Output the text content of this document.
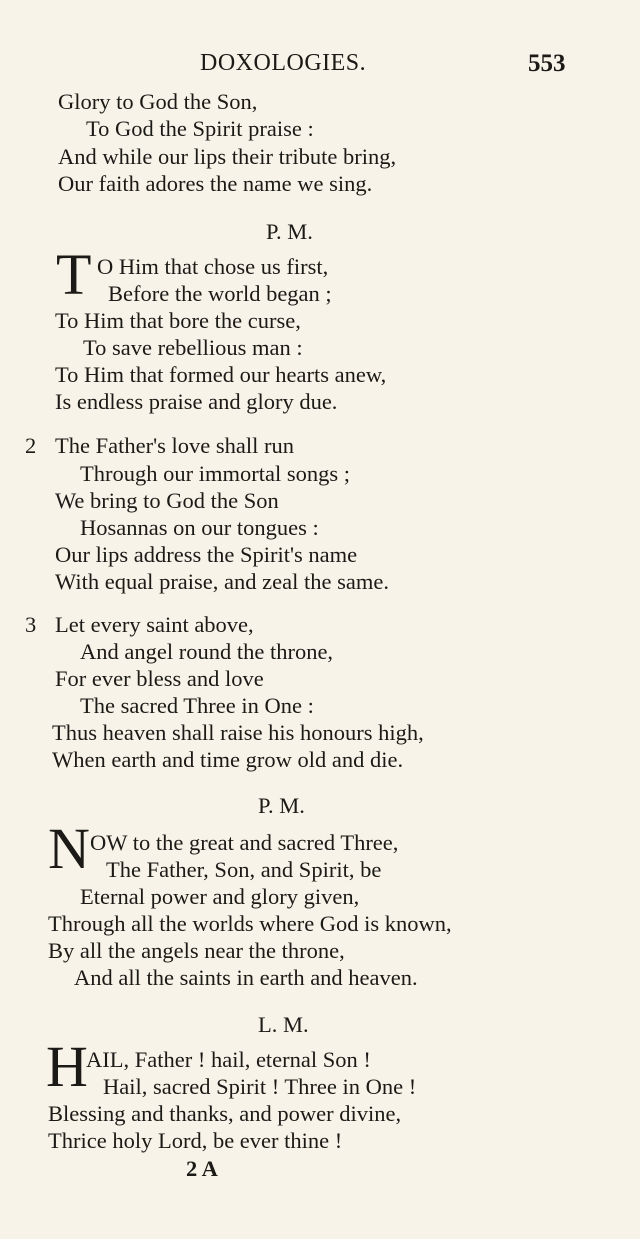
DOXOLOGIES.	553
Glory to God the Son,
To God the Spirit praise :
And while our lips their tribute bring,
Our faith adores the name we sing.
P. M.
T O Him that chose us first,
Before the world began ;
To Him that bore the curse,
To save rebellious man :
To Him that formed our hearts anew,
Is endless praise and glory due.
2 The Father's love shall run
Through our immortal songs ;
We bring to God the Son
Hosannas on our tongues :
Our lips address the Spirit's name
With equal praise, and zeal the same.
3 Let every saint above,
And angel round the throne,
For ever bless and love
The sacred Three in One :
Thus heaven shall raise his honours high,
When earth and time grow old and die.
P. M.
N OW to the great and sacred Three,
The Father, Son, and Spirit, be
Eternal power and glory given,
Through all the worlds where God is known,
By all the angels near the throne,
And all the saints in earth and heaven.
L. M.
H
AIL, Father ! hail, eternal Son !
Hail, sacred Spirit ! Three in One !
Blessing and thanks, and power divine,
Thrice holy Lord, be ever thine !
2 A
